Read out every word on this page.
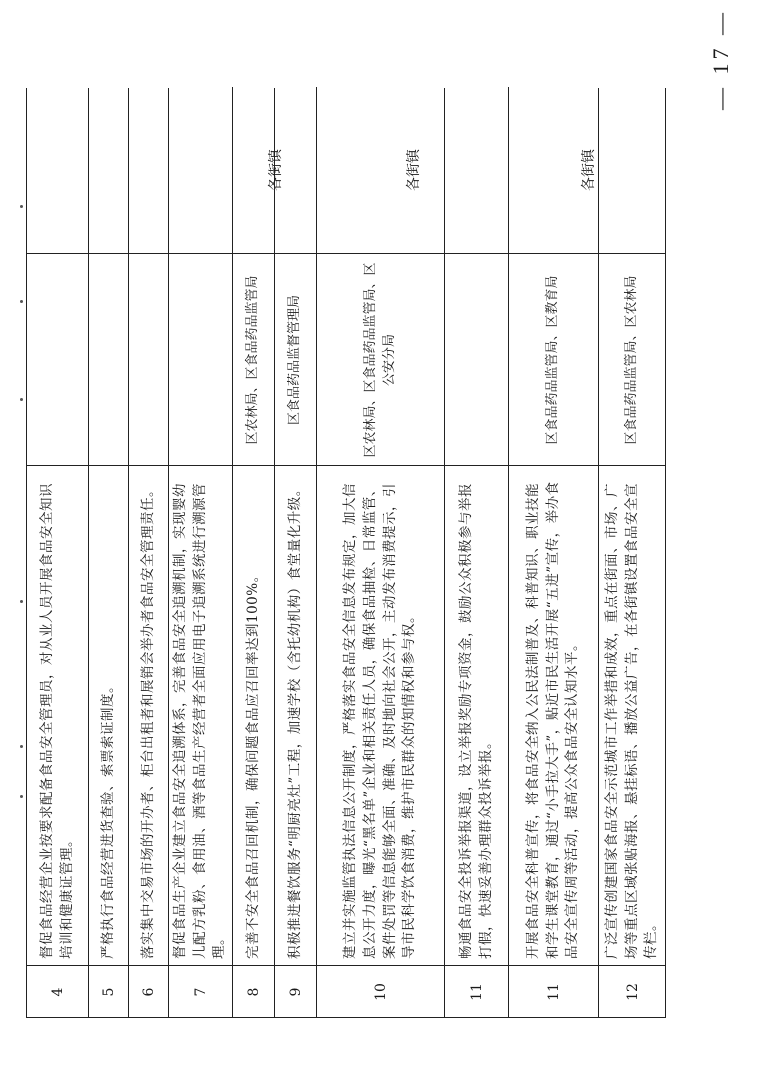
4
督促食品经营企业按要求配备食品安全管理员，对从业人员开展食品安全知识培训和健康证管理。
5
严格执行食品经营进货查验、索票索证制度。
6
落实集中交易市场的开办者、柜台出租者和展销会举办者食品安全管理责任。
7
督促食品生产企业建立食品安全追溯体系，完善食品安全追溯机制，实现婴幼儿配方乳粉、食用油、酒等食品生产经营者全面应用电子追溯系统进行溯源管理。
8
完善不安全食品召回机制，确保问题食品应召回率达到100%。
区农林局、区食品药品监管局
9
积极推进餐饮服务“明厨亮灶”工程，加速学校（含托幼机构）食堂量化升级。
区食品药品监督管理局
10
建立并实施监管执法信息公开制度，严格落实食品安全信息发布规定，加大信息公开力度，曝光“黑名单”企业和相关责任人员，确保食品抽检、日常监管、案件处罚等信息能够全面、准确、及时地向社会公开，主动发布消费提示，引导市民科学饮食消费，维护市民群众的知情权和参与权。
区农林局、区食品药品监管局、区公安分局
11
畅通食品安全投诉举报渠道，设立举报奖励专项资金，鼓励公众积极参与举报打假，快速妥善办理群众投诉举报。
11
开展食品安全科普宣传，将食品安全纳入公民法制普及、科普知识、职业技能和学生课堂教育，通过“小手拉大手”，贴近市民生活开展“五进”宣传，举办食品安全宣传周等活动，提高公众食品安全认知水平。
区食品药品监管局、区教育局
12
广泛宣传创建国家食品安全示范城市工作举措和成效，重点在街面、市场、广场等重点区域张贴海报、悬挂标语、播放公益广告，在各街镇设置食品安全宣传栏。
区食品药品监管局、区农林局
各街镇	各街镇	各街镇
— 17 —
